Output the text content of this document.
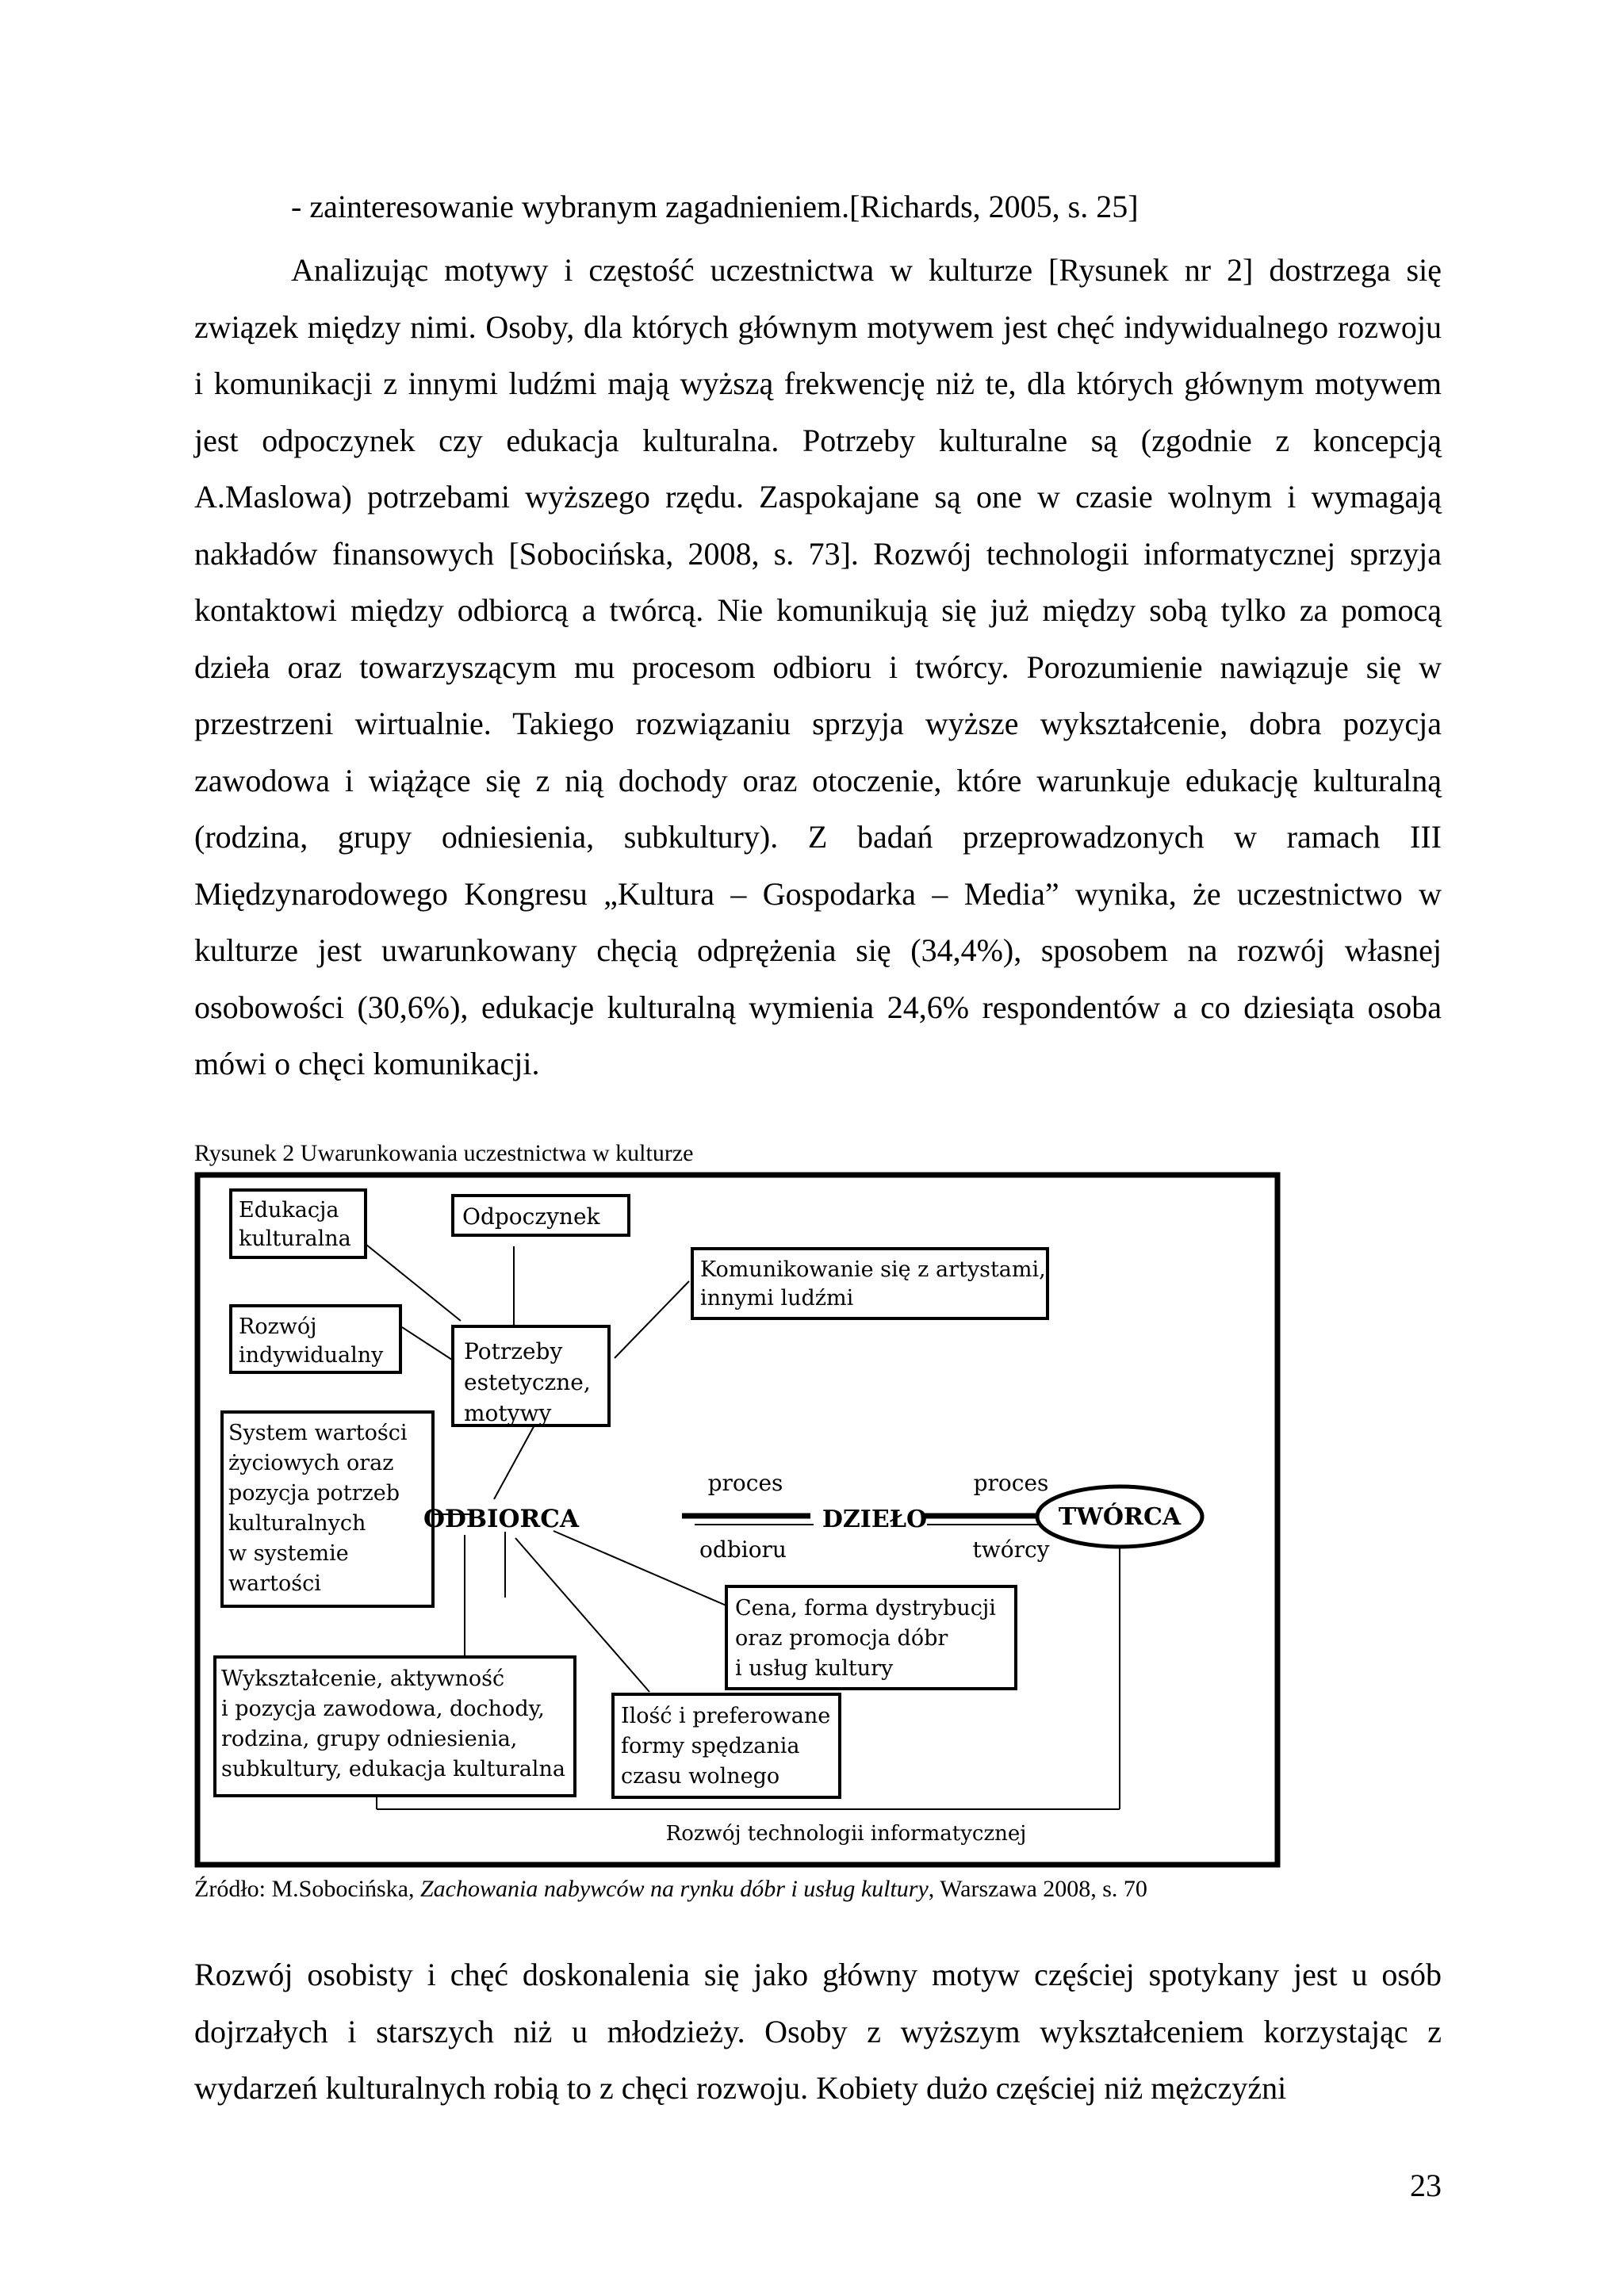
- zainteresowanie wybranym zagadnieniem.[Richards, 2005, s. 25]

Analizując motywy i częstość uczestnictwa w kulturze [Rysunek nr 2] dostrzega się związek między nimi. Osoby, dla których głównym motywem jest chęć indywidualnego rozwoju i komunikacji z innymi ludźmi mają wyższą frekwencję niż te, dla których głównym motywem jest odpoczynek czy edukacja kulturalna. Potrzeby kulturalne są (zgodnie z koncepcją A.Maslowa) potrzebami wyższego rzędu. Zaspokajane są one w czasie wolnym i wymagają nakładów finansowych [Sobocińska, 2008, s. 73]. Rozwój technologii informatycznej sprzyja kontaktowi między odbiorcą a twórcą. Nie komunikują się już między sobą tylko za pomocą dzieła oraz towarzyszącym mu procesom odbioru i twórcy. Porozumienie nawiązuje się w przestrzeni wirtualnie. Takiego rozwiązaniu sprzyja wyższe wykształcenie, dobra pozycja zawodowa i wiążące się z nią dochody oraz otoczenie, które warunkuje edukację kulturalną (rodzina, grupy odniesienia, subkultury). Z badań przeprowadzonych w ramach III Międzynarodowego Kongresu „Kultura – Gospodarka – Media” wynika, że uczestnictwo w kulturze jest uwarunkowany chęcią odprężenia się (34,4%), sposobem na rozwój własnej osobowości (30,6%), edukacje kulturalną wymienia 24,6% respondentów a co dziesiąta osoba mówi o chęci komunikacji.

Rysunek 2 Uwarunkowania uczestnictwa w kulturze

Edukacja
kulturalna
Odpoczynek
Komunikowanie się z artystami,
innymi ludźmi
Rozwój
indywidualny	Potrzeby
estetyczne,
motywy
System wartości
życiowych oraz
pozycja potrzeb
kulturalnych
w systemie
wartości
ODBIORCA
proces
odbioru
DZIEŁO
proces
twórcy
TWÓRCA
Cena, forma dystrybucji
oraz promocja dóbr
i usług kultury
Wykształcenie, aktywność
i pozycja zawodowa, dochody,
rodzina, grupy odniesienia,
subkultury, edukacja kulturalna
Ilość i preferowane
formy spędzania
czasu wolnego
Rozwój technologii informatycznej

Źródło: M.Sobocińska, Zachowania nabywców na rynku dóbr i usług kultury, Warszawa 2008, s. 70

Rozwój osobisty i chęć doskonalenia się jako główny motyw częściej spotykany jest u osób dojrzałych i starszych niż u młodzieży. Osoby z wyższym wykształceniem korzystając z wydarzeń kulturalnych robią to z chęci rozwoju. Kobiety dużo częściej niż mężczyźni

23
